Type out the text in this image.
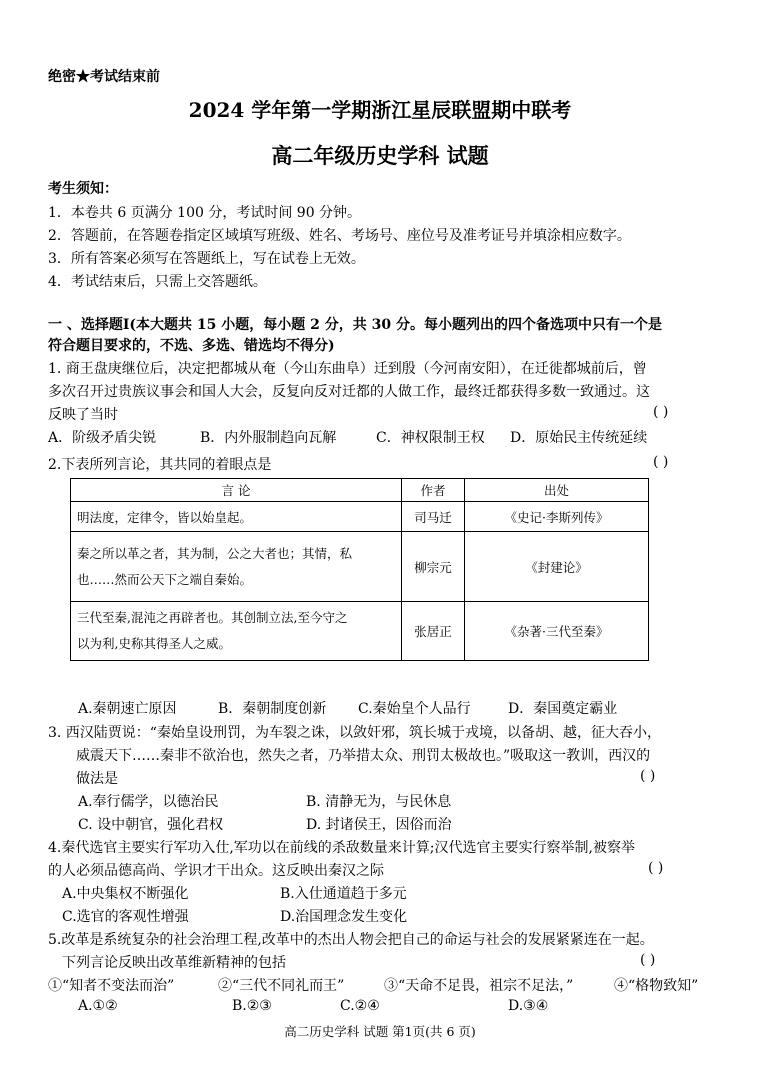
绝密★考试结束前
2024 学年第一学期浙江星辰联盟期中联考
高二年级历史学科 试题
考生须知：
1．本卷共 6 页满分 100 分，考试时间 90 分钟。
2．答题前，在答题卷指定区域填写班级、姓名、考场号、座位号及准考证号并填涂相应数字。
3．所有答案必须写在答题纸上，写在试卷上无效。
4．考试结束后，只需上交答题纸。
一 、选择题Ⅰ(本大题共 15 小题，每小题 2 分，共 30 分。每小题列出的四个备选项中只有一个是
符合题目要求的，不选、多选、错选均不得分)
1. 商王盘庚继位后，决定把都城从奄（今山东曲阜）迁到殷（今河南安阳），在迁徙都城前后，曾
多次召开过贵族议事会和国人大会，反复向反对迁都的人做工作，最终迁都获得多数一致通过。这
反映了当时	( )
A．阶级矛盾尖锐	B．内外服制趋向瓦解	C．神权限制王权 D．原始民主传统延续
2.下表所列言论，其共同的着眼点是	( )
言 论	作者	出处
明法度，定律令，皆以始皇起。	司马迁	《史记·李斯列传》

秦之所以革之者，其为制，公之大者也；其情，私
也……然而公天下之端自秦始。	柳宗元	《封建论》

三代至秦,混沌之再辟者也。其创制立法,至今守之
以为利,史称其得圣人之威。	张居正	《杂著·三代至秦》
A.秦朝速亡原因	B．秦朝制度创新 C.秦始皇个人品行	D．秦国奠定霸业
3. 西汉陆贾说：“秦始皇设刑罚，为车裂之诛，以敛奸邪，筑长城于戎境，以备胡、越，征大吞小，
威震天下……秦非不欲治也，然失之者，乃举措太众、刑罚太极故也。”吸取这一教训，西汉的
做法是	( )
A.奉行儒学，以德治民	B. 清静无为，与民休息
C. 设中朝官，强化君权	D. 封诸侯王，因俗而治
4.秦代选官主要实行军功入仕,军功以在前线的杀敌数量来计算;汉代选官主要实行察举制,被察举
的人必须品德高尚、学识才干出众。这反映出秦汉之际	( )
A.中央集权不断强化	B.入仕通道趋于多元
C.选官的客观性增强	D.治国理念发生变化
5.改革是系统复杂的社会治理工程,改革中的杰出人物会把自己的命运与社会的发展紧紧连在一起。
下列言论反映出改革维新精神的包括	( )
①“知者不变法而治”	②“三代不同礼而王”	③“天命不足畏，祖宗不足法，”	④“格物致知”
A.①②	B.②③	C.②④	D.③④
高二历史学科 试题 第1页(共 6 页)
